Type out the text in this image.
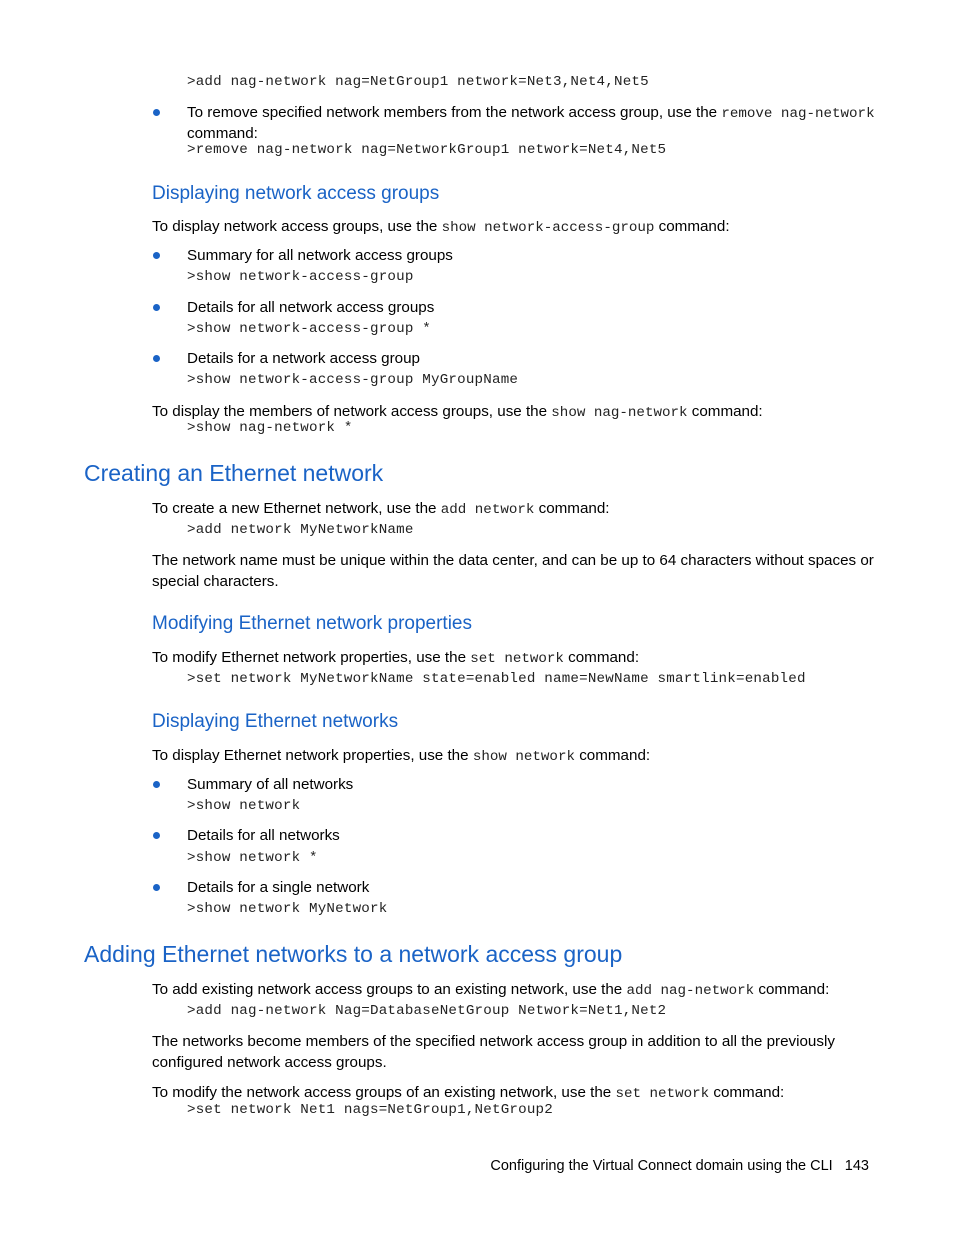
>add nag-network nag=NetGroup1 network=Net3,Net4,Net5
To remove specified network members from the network access group, use the remove nag-network
command:
>remove nag-network nag=NetworkGroup1 network=Net4,Net5
Displaying network access groups
To display network access groups, use the show network-access-group command:
Summary for all network access groups
>show network-access-group
Details for all network access groups
>show network-access-group *
Details for a network access group
>show network-access-group MyGroupName
To display the members of network access groups, use the show nag-network command:
>show nag-network *
Creating an Ethernet network
To create a new Ethernet network, use the add network command:
>add network MyNetworkName
The network name must be unique within the data center, and can be up to 64 characters without spaces or
special characters.
Modifying Ethernet network properties
To modify Ethernet network properties, use the set network command:
>set network MyNetworkName state=enabled name=NewName smartlink=enabled
Displaying Ethernet networks
To display Ethernet network properties, use the show network command:
Summary of all networks
>show network
Details for all networks
>show network *
Details for a single network
>show network MyNetwork
Adding Ethernet networks to a network access group
To add existing network access groups to an existing network, use the add nag-network command:
>add nag-network Nag=DatabaseNetGroup Network=Net1,Net2
The networks become members of the specified network access group in addition to all the previously
configured network access groups.
To modify the network access groups of an existing network, use the set network command:
>set network Net1 nags=NetGroup1,NetGroup2
Configuring the Virtual Connect domain using the CLI 143
